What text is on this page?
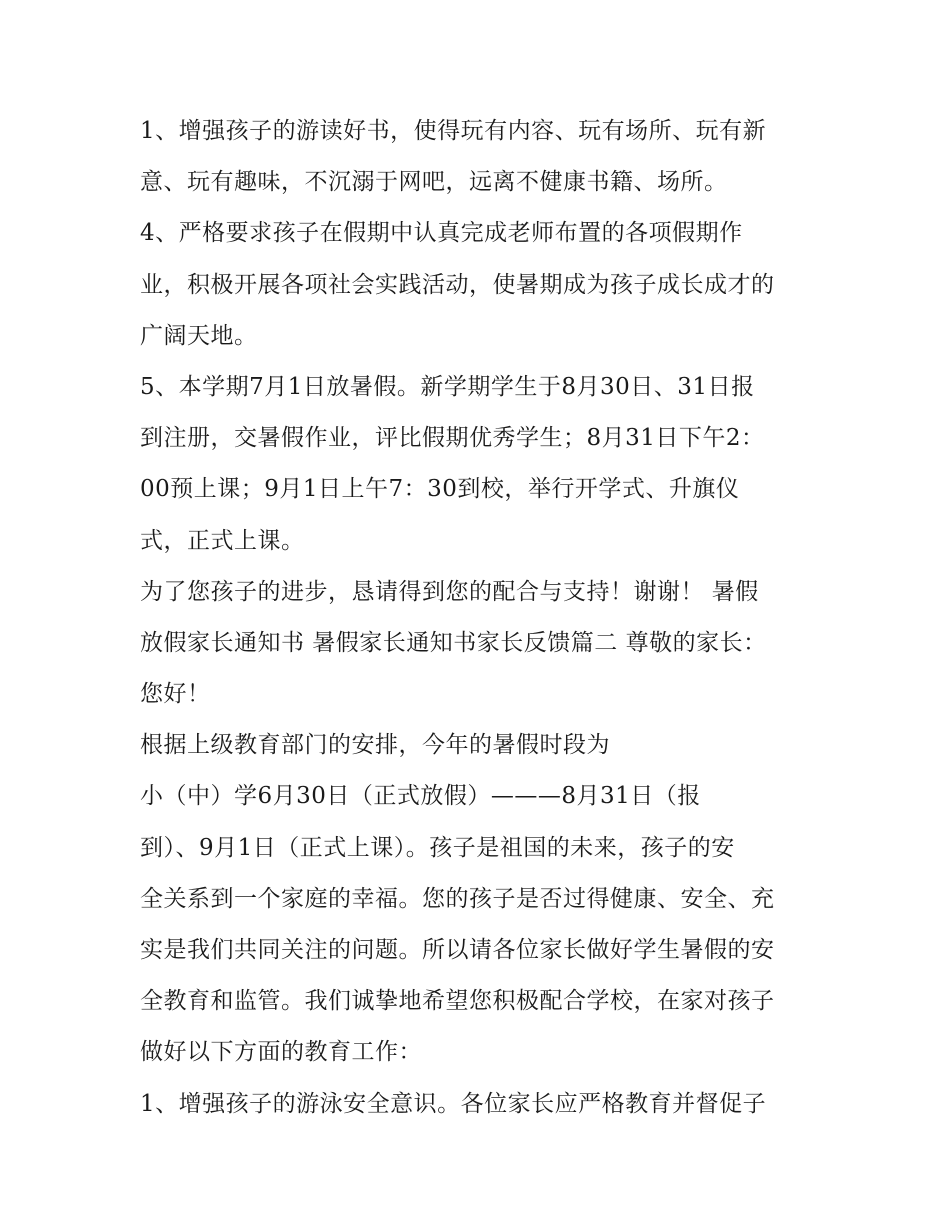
1、增强孩子的游读好书，使得玩有内容、玩有场所、玩有新
意、玩有趣味，不沉溺于网吧，远离不健康书籍、场所。
4、严格要求孩子在假期中认真完成老师布置的各项假期作
业，积极开展各项社会实践活动，使暑期成为孩子成长成才的
广阔天地。
5、本学期7月1日放暑假。新学期学生于8月30日、31日报
到注册，交暑假作业，评比假期优秀学生；8月31日下午2：
00预上课；9月1日上午7：30到校，举行开学式、升旗仪
式，正式上课。
为了您孩子的进步，恳请得到您的配合与支持！谢谢！ 暑假
放假家长通知书 暑假家长通知书家长反馈篇二 尊敬的家长：
您好！
根据上级教育部门的安排，今年的暑假时段为
小（中）学6月30日（正式放假）———8月31日（报
到）、9月1日（正式上课）。孩子是祖国的未来，孩子的安
全关系到一个家庭的幸福。您的孩子是否过得健康、安全、充
实是我们共同关注的问题。所以请各位家长做好学生暑假的安
全教育和监管。我们诚挚地希望您积极配合学校，在家对孩子
做好以下方面的教育工作：
1、增强孩子的游泳安全意识。各位家长应严格教育并督促子
